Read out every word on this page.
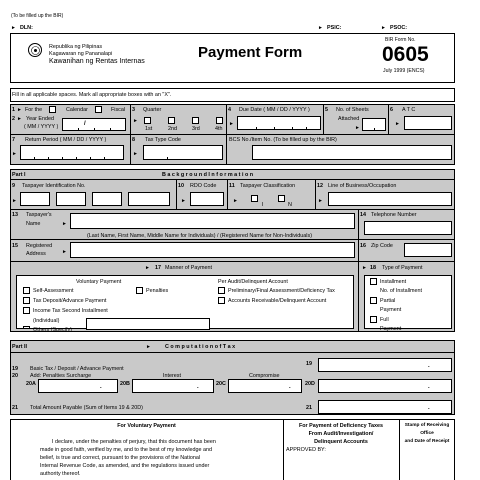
(To be filled up the BIR)
► DLN:	► PSIC:	► PSOC:
Republika ng Pilipinas
Kagawaran ng Pananalapi
Kawanihan ng Rentas Internas
Payment Form
BIR Form No.
0605
July 1999 (ENCS)
Fill in all applicable spaces. Mark all appropriate boxes with an "X".
1 ► For the	Calendar	Fiscal
2 ► Year Ended
( MM / YYYY )	/
3 Quarter
►
1st	2nd	3rd	4th
4 Due Date ( MM / DD / YYYY )
►
5 No. of Sheets
Attached
►
6 A T C
►
7 Return Period ( MM / DD / YYYY )
►
8 Tax Type Code
►
BCS No./Item No. (To be filled up by the BIR)
Part I	B a c k g r o u n d I n f o r m a t i o n
9 Taxpayer Identification No.
►
10 RDO Code
►
11 Taxpayer Classification
►
I	N
12 Line of Business/Occupation
►
13 Taxpayer's
Name	►
(Last Name, First Name, Middle Name for Individuals) / (Registered Name for Non-Individuals)
14 Telephone Number
15 Registered
Address	►
16 Zip Code
► 17 Manner of Payment	► 18 Type of Payment
Voluntary Payment
Self-Assessment	Penalties
Tax Deposit/Advance Payment
Income Tax Second Installment
(Individual)
Others (Specify)
Per Audit/Delinquent Account
Preliminary/Final Assessment/Deficiency Tax
Accounts Receivable/Delinquent Account
Installment
No. of Installment
Partial
Payment
Full
Payment
Part II	►	C o m p u t a t i o n o f T a x
19	.
19 Basic Tax / Deposit / Advance Payment
20 Add: Penalties Surcharge	Interest	Compromise
20A	.	20B	.	20C	.	20D	.
21 Total Amount Payable (Sum of Items 19 & 20D)	21	.
For Voluntary Payment
I declare, under the penalties of perjury, that this document has been
made in good faith, verified by me, and to the best of my knowledge and
belief, is true and correct, pursuant to the provisions of the National
Internal Revenue Code, as amended, and the regulations issued under
authority thereof.
For Payment of Deficiency Taxes
From Audit/Investigation/
Delinquent Accounts
APPROVED BY:
Stamp of Receiving
Office
and Date of Receipt
